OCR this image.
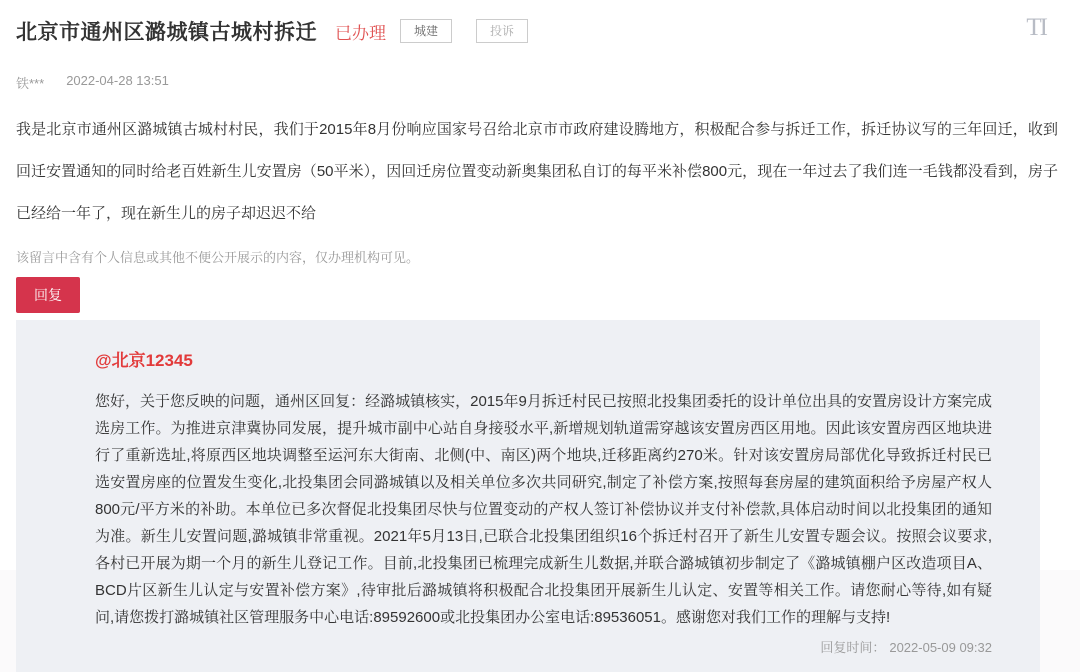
北京市通州区潞城镇古城村拆迁 已办理	城建	投诉	TI
铁*** 2022-04-28 13:51

我是北京市通州区潞城镇古城村村民，我们于2015年8月份响应国家号召给北京市市政府建设腾地方，积极配合参与拆迁工作，拆迁协议写的三年回迁，收到回迁安置通知的同时给老百姓新生儿安置房（50平米），因回迁房位置变动新奥集团私自订的每平米补偿800元，现在一年过去了我们连一毛钱都没看到，房子已经给一年了，现在新生儿的房子却迟迟不给

该留言中含有个人信息或其他不便公开展示的内容，仅办理机构可见。

回复
@北京12345

您好，关于您反映的问题，通州区回复：经潞城镇核实，2015年9月拆迁村民已按照北投集团委托的设计单位出具的安置房设计方案完成选房工作。为推进京津冀协同发展，提升城市副中心站自身接驳水平,新增规划轨道需穿越该安置房西区用地。因此该安置房西区地块进行了重新选址,将原西区地块调整至运河东大街南、北侧(中、南区)两个地块,迁移距离约270米。针对该安置房局部优化导致拆迁村民已选安置房座的位置发生变化,北投集团会同潞城镇以及相关单位多次共同研究,制定了补偿方案,按照每套房屋的建筑面积给予房屋产权人800元/平方米的补助。本单位已多次督促北投集团尽快与位置变动的产权人签订补偿协议并支付补偿款,具体启动时间以北投集团的通知为准。新生儿安置问题,潞城镇非常重视。2021年5月13日,已联合北投集团组织16个拆迁村召开了新生儿安置专题会议。按照会议要求,各村已开展为期一个月的新生儿登记工作。目前,北投集团已梳理完成新生儿数据,并联合潞城镇初步制定了《潞城镇棚户区改造项目A、BCD片区新生儿认定与安置补偿方案》,待审批后潞城镇将积极配合北投集团开展新生儿认定、安置等相关工作。请您耐心等待,如有疑问,请您拨打潞城镇社区管理服务中心电话:89592600或北投集团办公室电话:89536051。感谢您对我们工作的理解与支持!

回复时间： 2022-05-09 09:32
